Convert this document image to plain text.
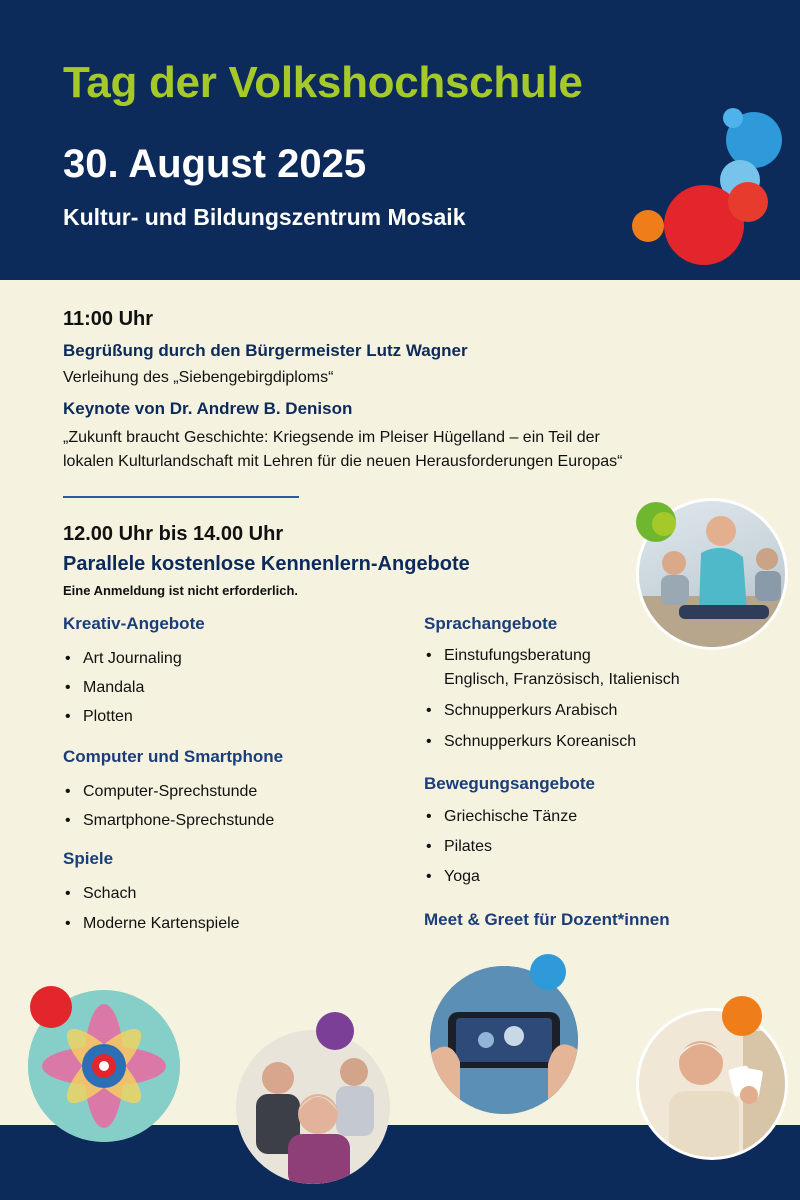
Tag der Volkshochschule
30. August 2025
Kultur- und Bildungszentrum Mosaik
11:00 Uhr
Begrüßung durch den Bürgermeister Lutz Wagner
Verleihung des „Siebengebirgdiploms“
Keynote von Dr. Andrew B. Denison
„Zukunft braucht Geschichte: Kriegsende im Pleiser Hügelland – ein Teil der
lokalen Kulturlandschaft mit Lehren für die neuen Herausforderungen Europas“
12.00 Uhr bis 14.00 Uhr
Parallele kostenlose Kennenlern-Angebote
Eine Anmeldung ist nicht erforderlich.
Kreativ-Angebote
• Art Journaling
• Mandala
• Plotten
Computer und Smartphone
• Computer-Sprechstunde
• Smartphone-Sprechstunde
Spiele
• Schach
• Moderne Kartenspiele
Sprachangebote
• Einstufungsberatung
Englisch, Französisch, Italienisch
• Schnupperkurs Arabisch
• Schnupperkurs Koreanisch
Bewegungsangebote
• Griechische Tänze
• Pilates
• Yoga
Meet & Greet für Dozent*innen
